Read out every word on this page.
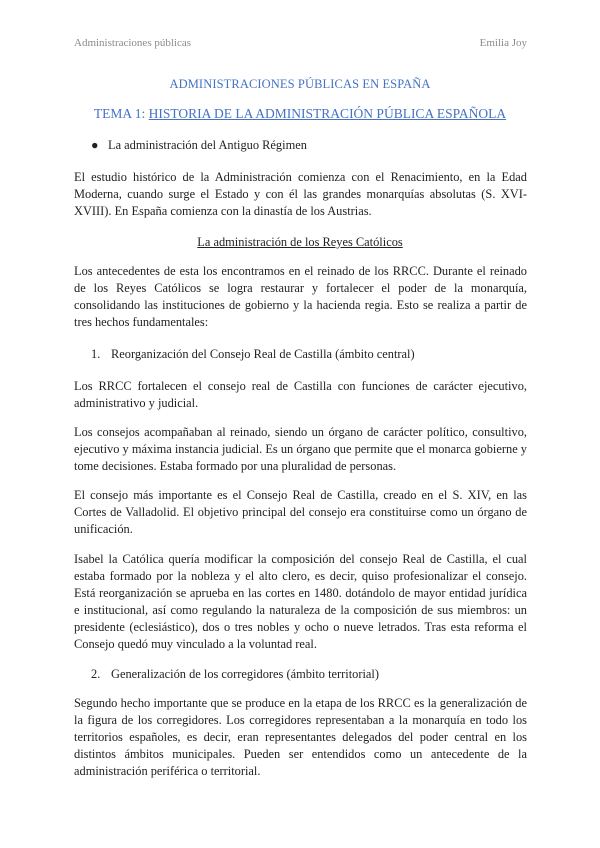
Administraciones públicas	Emilia Joy
ADMINISTRACIONES PÚBLICAS EN ESPAÑA
TEMA 1: HISTORIA DE LA ADMINISTRACIÓN PÚBLICA ESPAÑOLA
● La administración del Antiguo Régimen

El estudio histórico de la Administración comienza con el Renacimiento, en la Edad Moderna, cuando surge el Estado y con él las grandes monarquías absolutas (S. XVI-XVIII). En España comienza con la dinastía de los Austrias.

La administración de los Reyes Católicos

Los antecedentes de esta los encontramos en el reinado de los RRCC. Durante el reinado de los Reyes Católicos se logra restaurar y fortalecer el poder de la monarquía, consolidando las instituciones de gobierno y la hacienda regia. Esto se realiza a partir de tres hechos fundamentales:

1. Reorganización del Consejo Real de Castilla (ámbito central)

Los RRCC fortalecen el consejo real de Castilla con funciones de carácter ejecutivo, administrativo y judicial.

Los consejos acompañaban al reinado, siendo un órgano de carácter político, consultivo, ejecutivo y máxima instancia judicial. Es un órgano que permite que el monarca gobierne y tome decisiones. Estaba formado por una pluralidad de personas.

El consejo más importante es el Consejo Real de Castilla, creado en el S. XIV, en las Cortes de Valladolid. El objetivo principal del consejo era constituirse como un órgano de unificación.

Isabel la Católica quería modificar la composición del consejo Real de Castilla, el cual estaba formado por la nobleza y el alto clero, es decir, quiso profesionalizar el consejo. Está reorganización se aprueba en las cortes en 1480. dotándolo de mayor entidad jurídica e institucional, así como regulando la naturaleza de la composición de sus miembros: un presidente (eclesiástico), dos o tres nobles y ocho o nueve letrados. Tras esta reforma el Consejo quedó muy vinculado a la voluntad real.

2. Generalización de los corregidores (ámbito territorial)

Segundo hecho importante que se produce en la etapa de los RRCC es la generalización de la figura de los corregidores. Los corregidores representaban a la monarquía en todo los territorios españoles, es decir, eran representantes delegados del poder central en los distintos ámbitos municipales. Pueden ser entendidos como un antecedente de la administración periférica o territorial.
